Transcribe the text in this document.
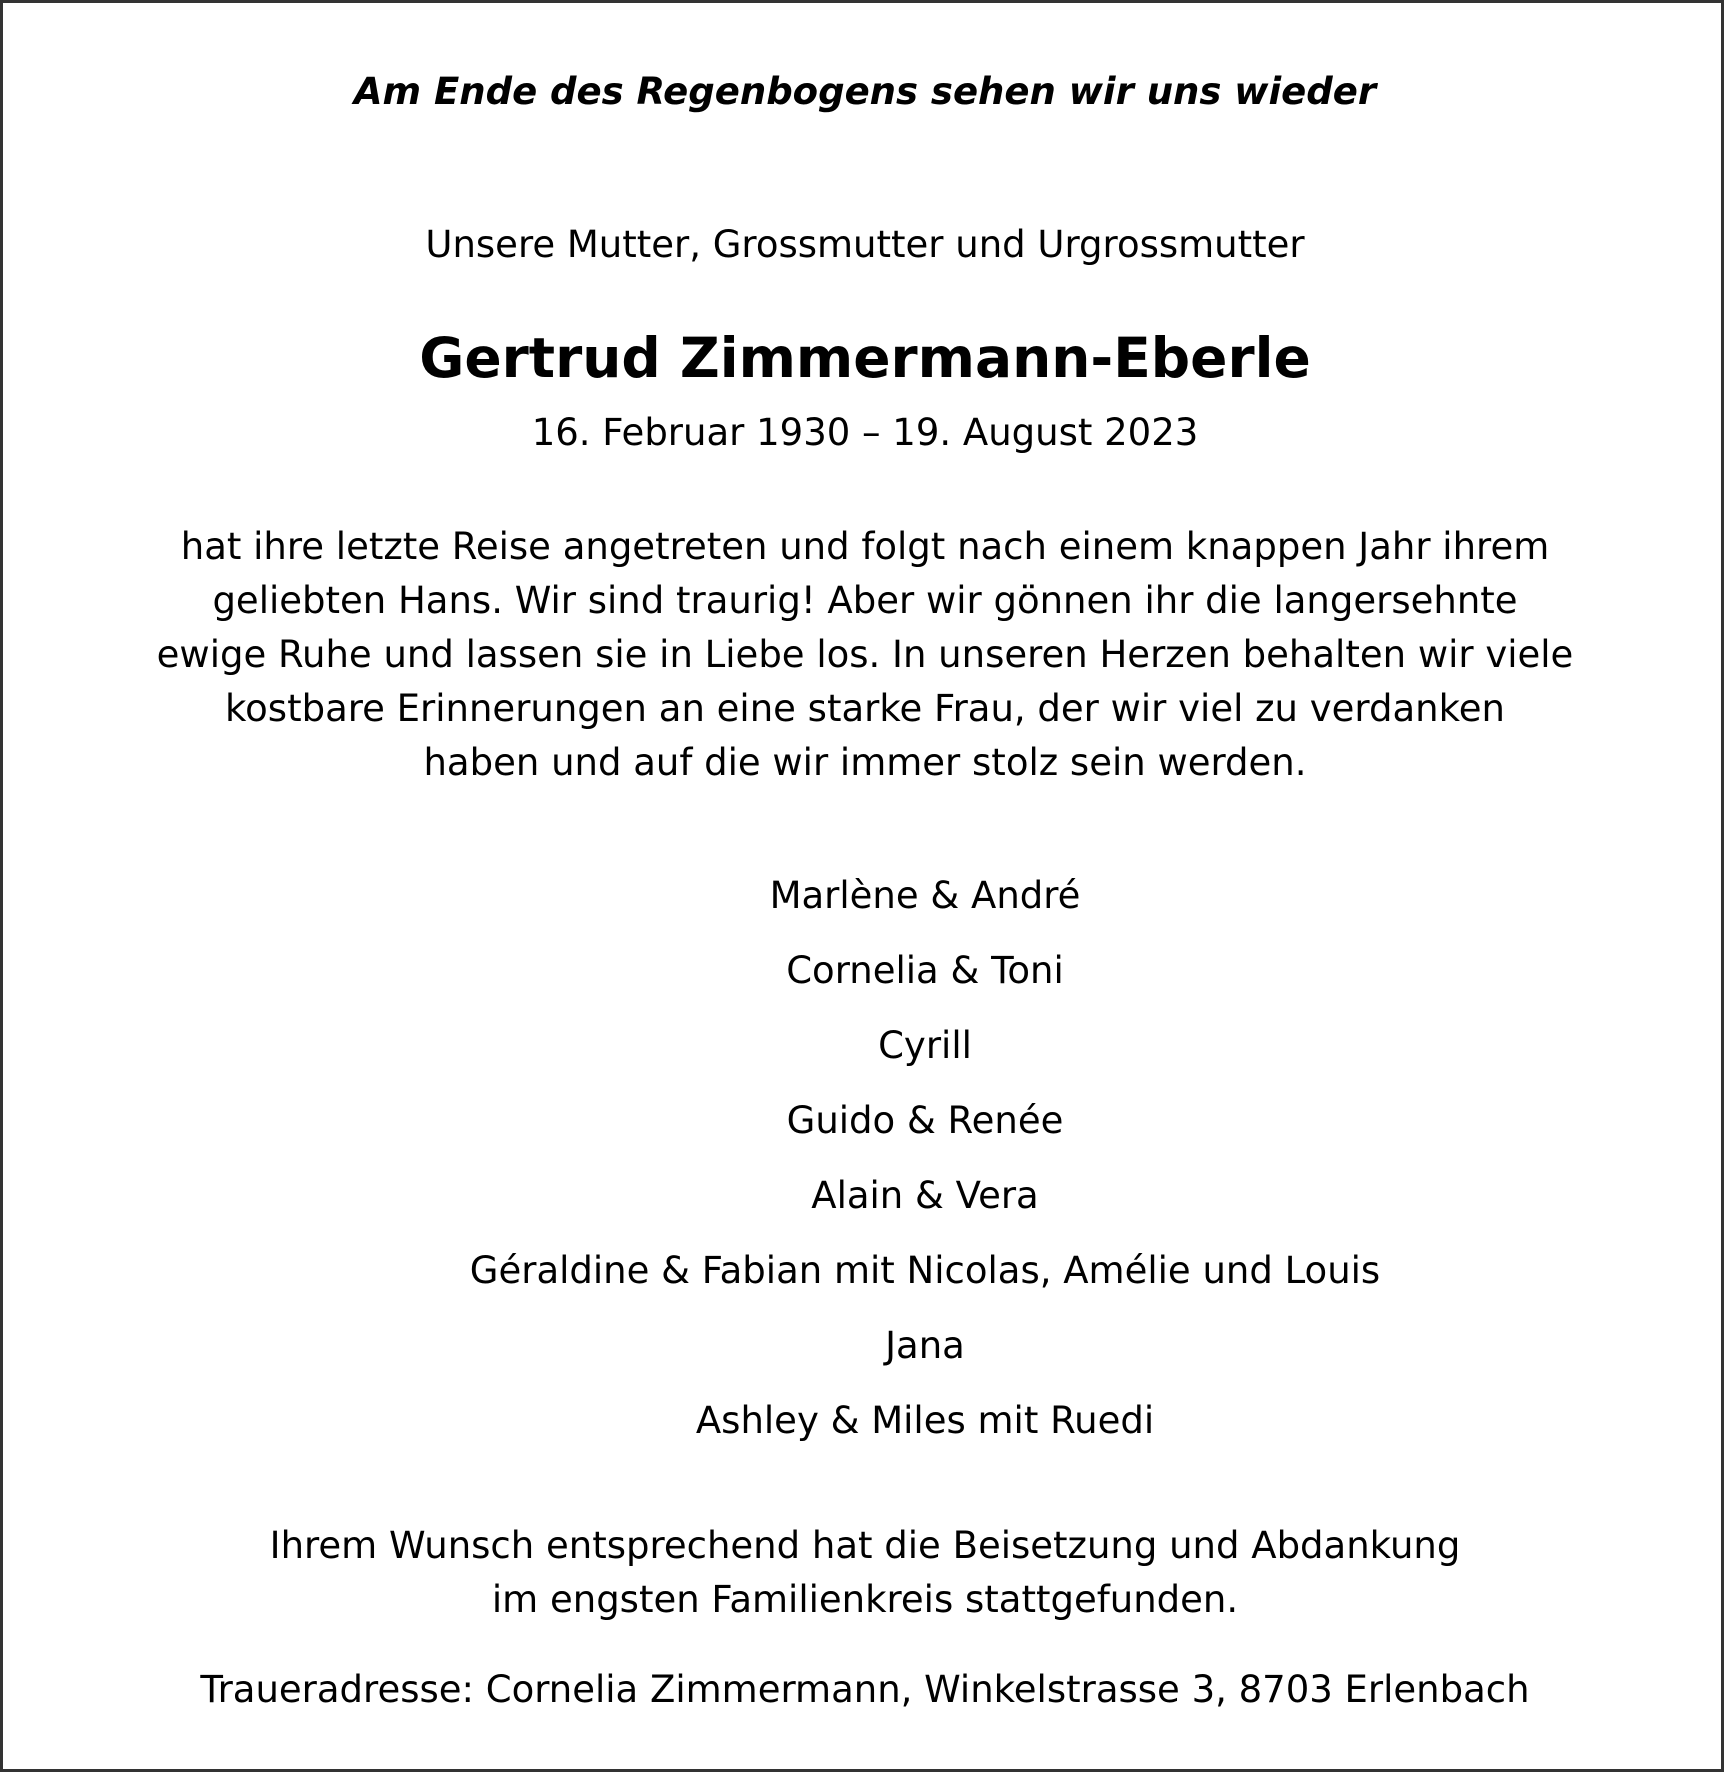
Am Ende des Regenbogens sehen wir uns wieder
Unsere Mutter, Grossmutter und Urgrossmutter
Gertrud Zimmermann-Eberle
16. Februar 1930 – 19. August 2023
hat ihre letzte Reise angetreten und folgt nach einem knappen Jahr ihrem
geliebten Hans. Wir sind traurig! Aber wir gönnen ihr die langersehnte
ewige Ruhe und lassen sie in Liebe los. In unseren Herzen behalten wir viele
kostbare Erinnerungen an eine starke Frau, der wir viel zu verdanken
haben und auf die wir immer stolz sein werden.
Marlène & André
Cornelia & Toni
Cyrill
Guido & Renée
Alain & Vera
Géraldine & Fabian mit Nicolas, Amélie und Louis
Jana
Ashley & Miles mit Ruedi
Ihrem Wunsch entsprechend hat die Beisetzung und Abdankung
im engsten Familienkreis stattgefunden.
Traueradresse: Cornelia Zimmermann, Winkelstrasse 3, 8703 Erlenbach
